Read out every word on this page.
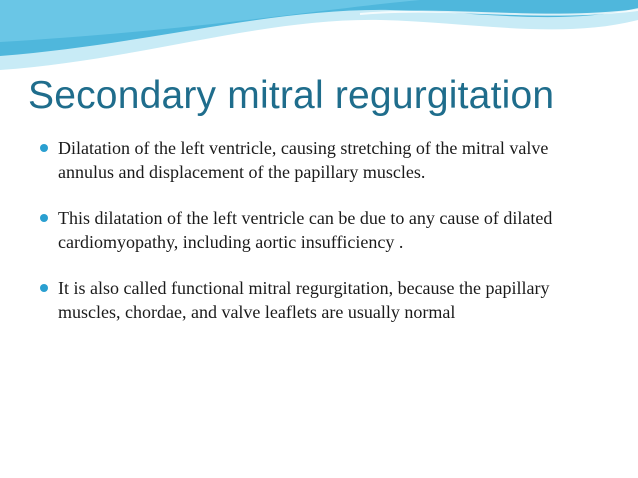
Secondary mitral regurgitation
Dilatation of the left ventricle, causing stretching of the mitral valve annulus and displacement of the papillary muscles.
This dilatation of the left ventricle can be due to any cause of dilated cardiomyopathy, including aortic insufficiency .
It is also called functional mitral regurgitation, because the papillary muscles, chordae, and valve leaflets are usually normal
